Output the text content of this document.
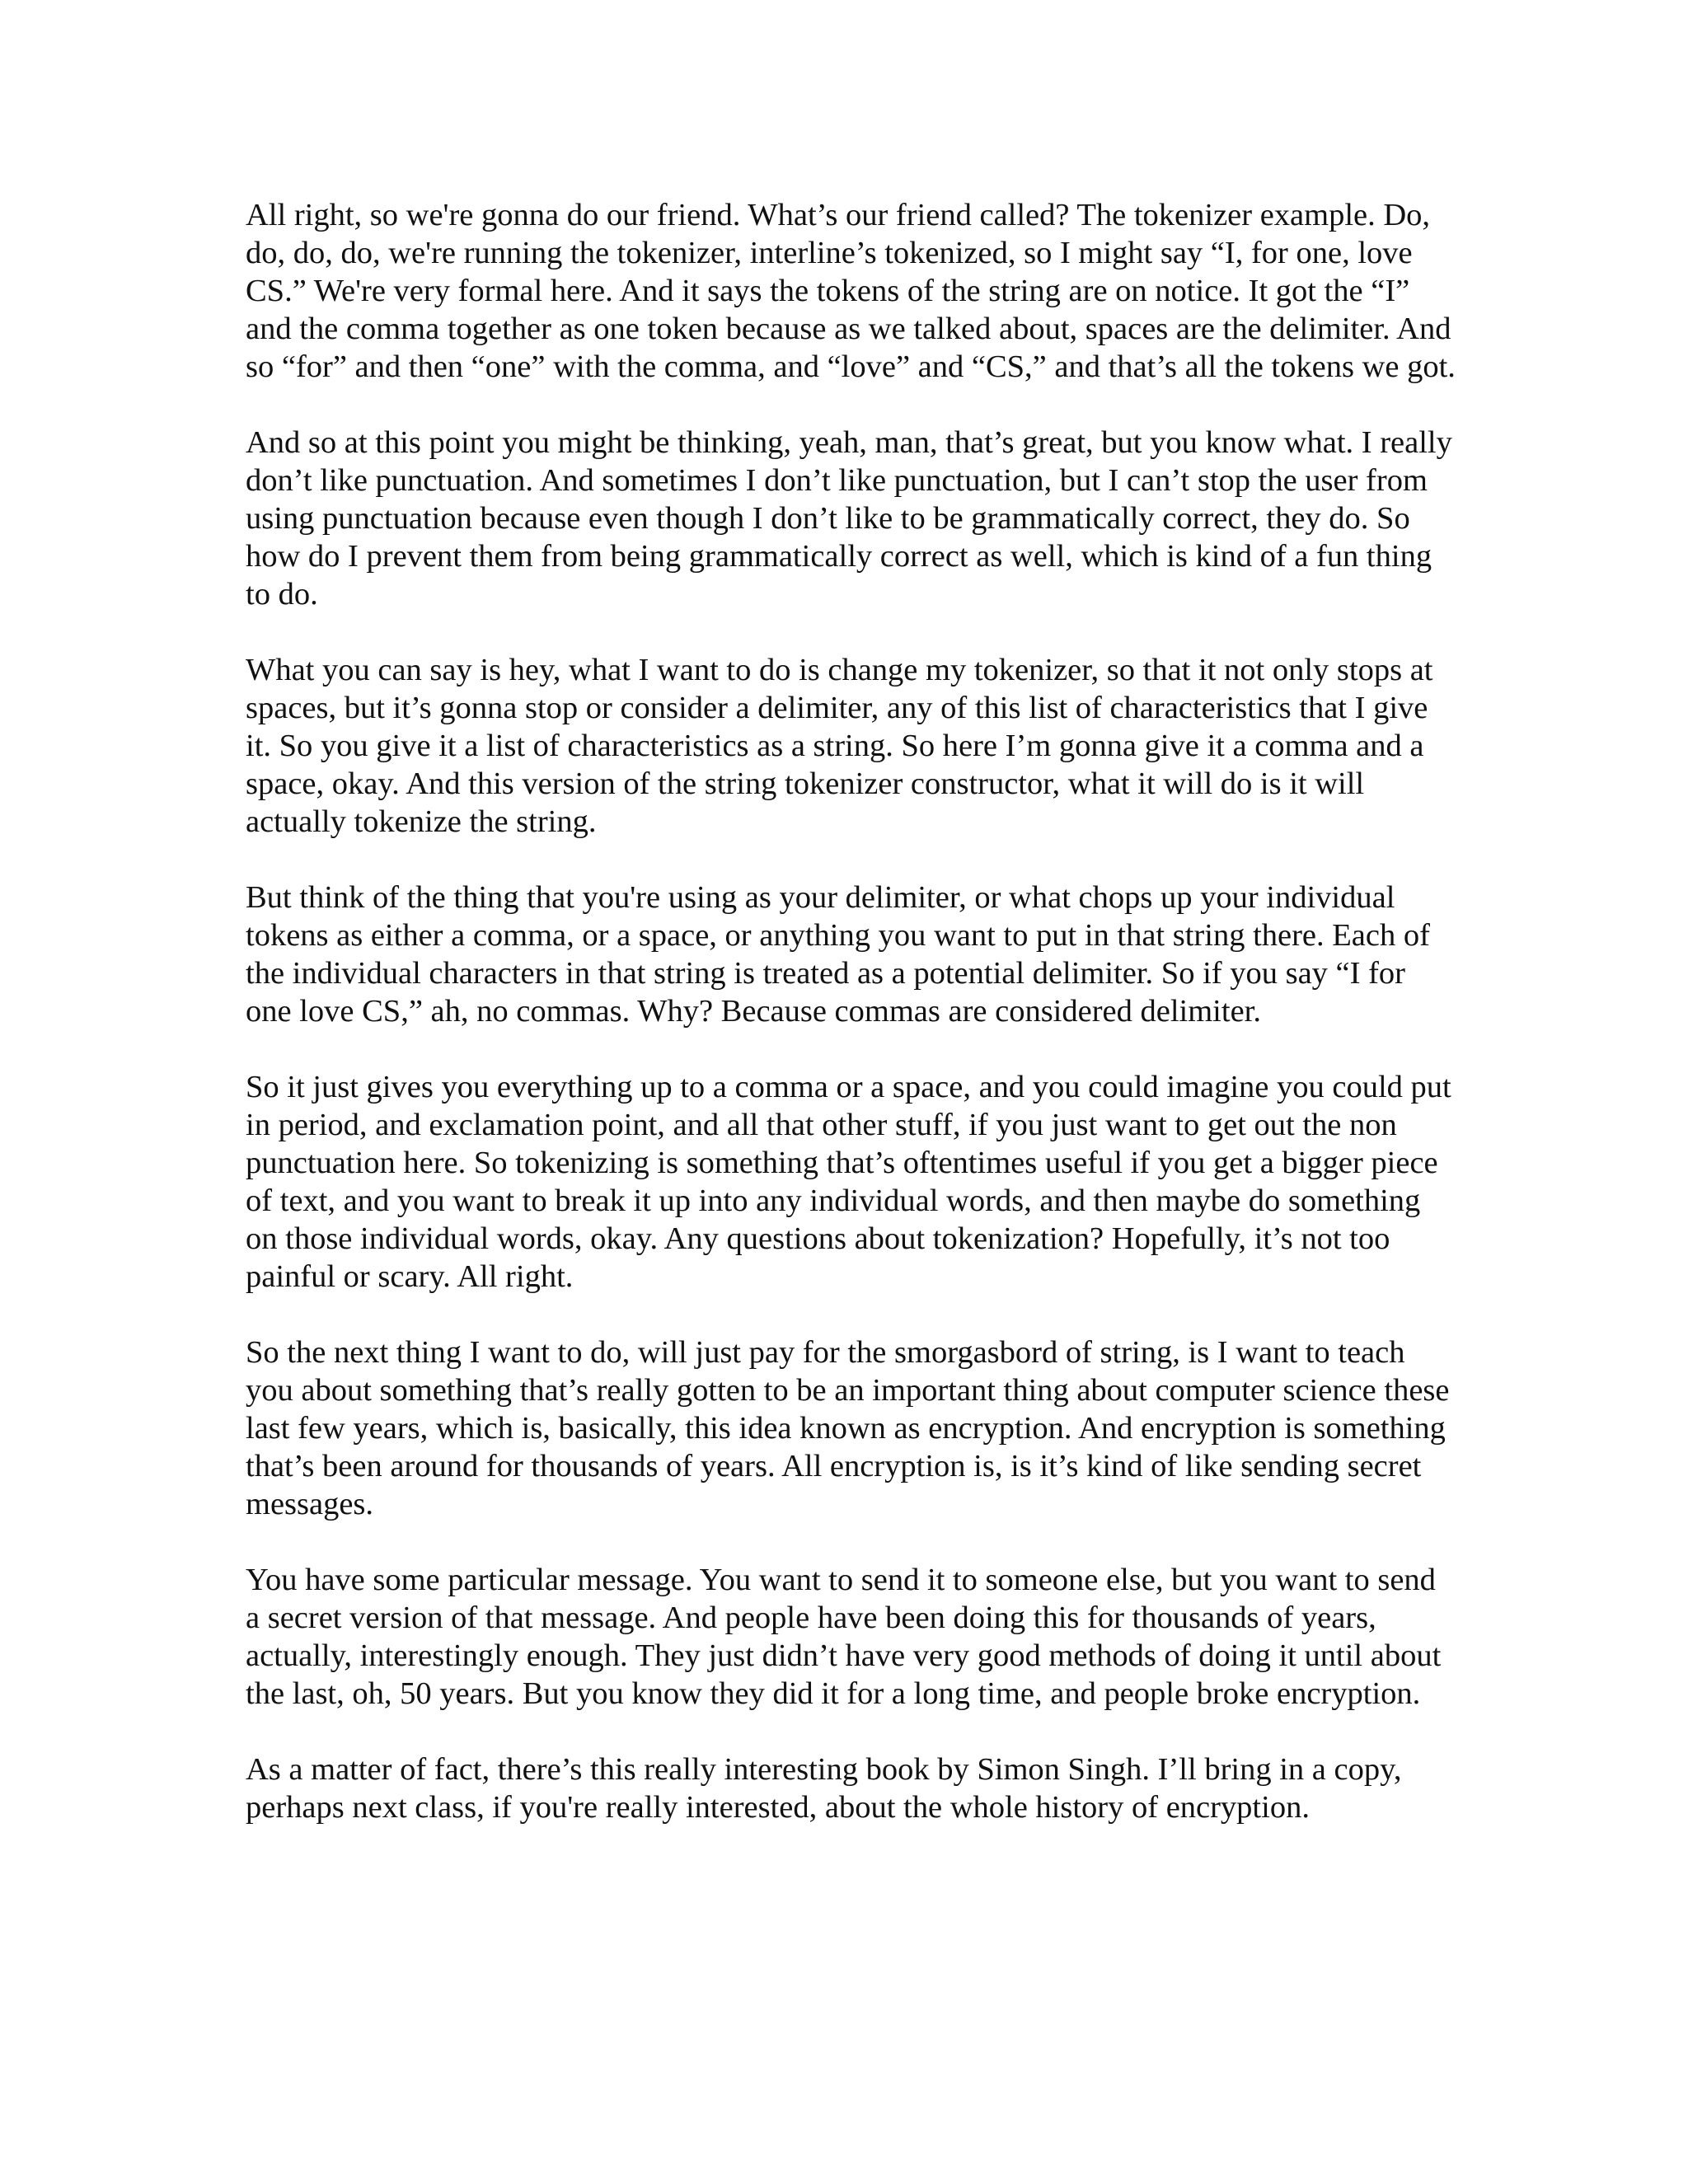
All right, so we're gonna do our friend. What’s our friend called? The tokenizer example. Do, do, do, do, we're running the tokenizer, interline’s tokenized, so I might say “I, for one, love CS.” We're very formal here. And it says the tokens of the string are on notice. It got the “I” and the comma together as one token because as we talked about, spaces are the delimiter. And so “for” and then “one” with the comma, and “love” and “CS,” and that’s all the tokens we got.

And so at this point you might be thinking, yeah, man, that’s great, but you know what. I really don’t like punctuation. And sometimes I don’t like punctuation, but I can’t stop the user from using punctuation because even though I don’t like to be grammatically correct, they do. So how do I prevent them from being grammatically correct as well, which is kind of a fun thing to do.

What you can say is hey, what I want to do is change my tokenizer, so that it not only stops at spaces, but it’s gonna stop or consider a delimiter, any of this list of characteristics that I give it. So you give it a list of characteristics as a string. So here I’m gonna give it a comma and a space, okay. And this version of the string tokenizer constructor, what it will do is it will actually tokenize the string.

But think of the thing that you're using as your delimiter, or what chops up your individual tokens as either a comma, or a space, or anything you want to put in that string there. Each of the individual characters in that string is treated as a potential delimiter. So if you say “I for one love CS,” ah, no commas. Why? Because commas are considered delimiter.

So it just gives you everything up to a comma or a space, and you could imagine you could put in period, and exclamation point, and all that other stuff, if you just want to get out the non punctuation here. So tokenizing is something that’s oftentimes useful if you get a bigger piece of text, and you want to break it up into any individual words, and then maybe do something on those individual words, okay. Any questions about tokenization? Hopefully, it’s not too painful or scary. All right.

So the next thing I want to do, will just pay for the smorgasbord of string, is I want to teach you about something that’s really gotten to be an important thing about computer science these last few years, which is, basically, this idea known as encryption. And encryption is something that’s been around for thousands of years. All encryption is, is it’s kind of like sending secret messages.

You have some particular message. You want to send it to someone else, but you want to send a secret version of that message. And people have been doing this for thousands of years, actually, interestingly enough. They just didn’t have very good methods of doing it until about the last, oh, 50 years. But you know they did it for a long time, and people broke encryption.

As a matter of fact, there’s this really interesting book by Simon Singh. I’ll bring in a copy, perhaps next class, if you're really interested, about the whole history of encryption.
